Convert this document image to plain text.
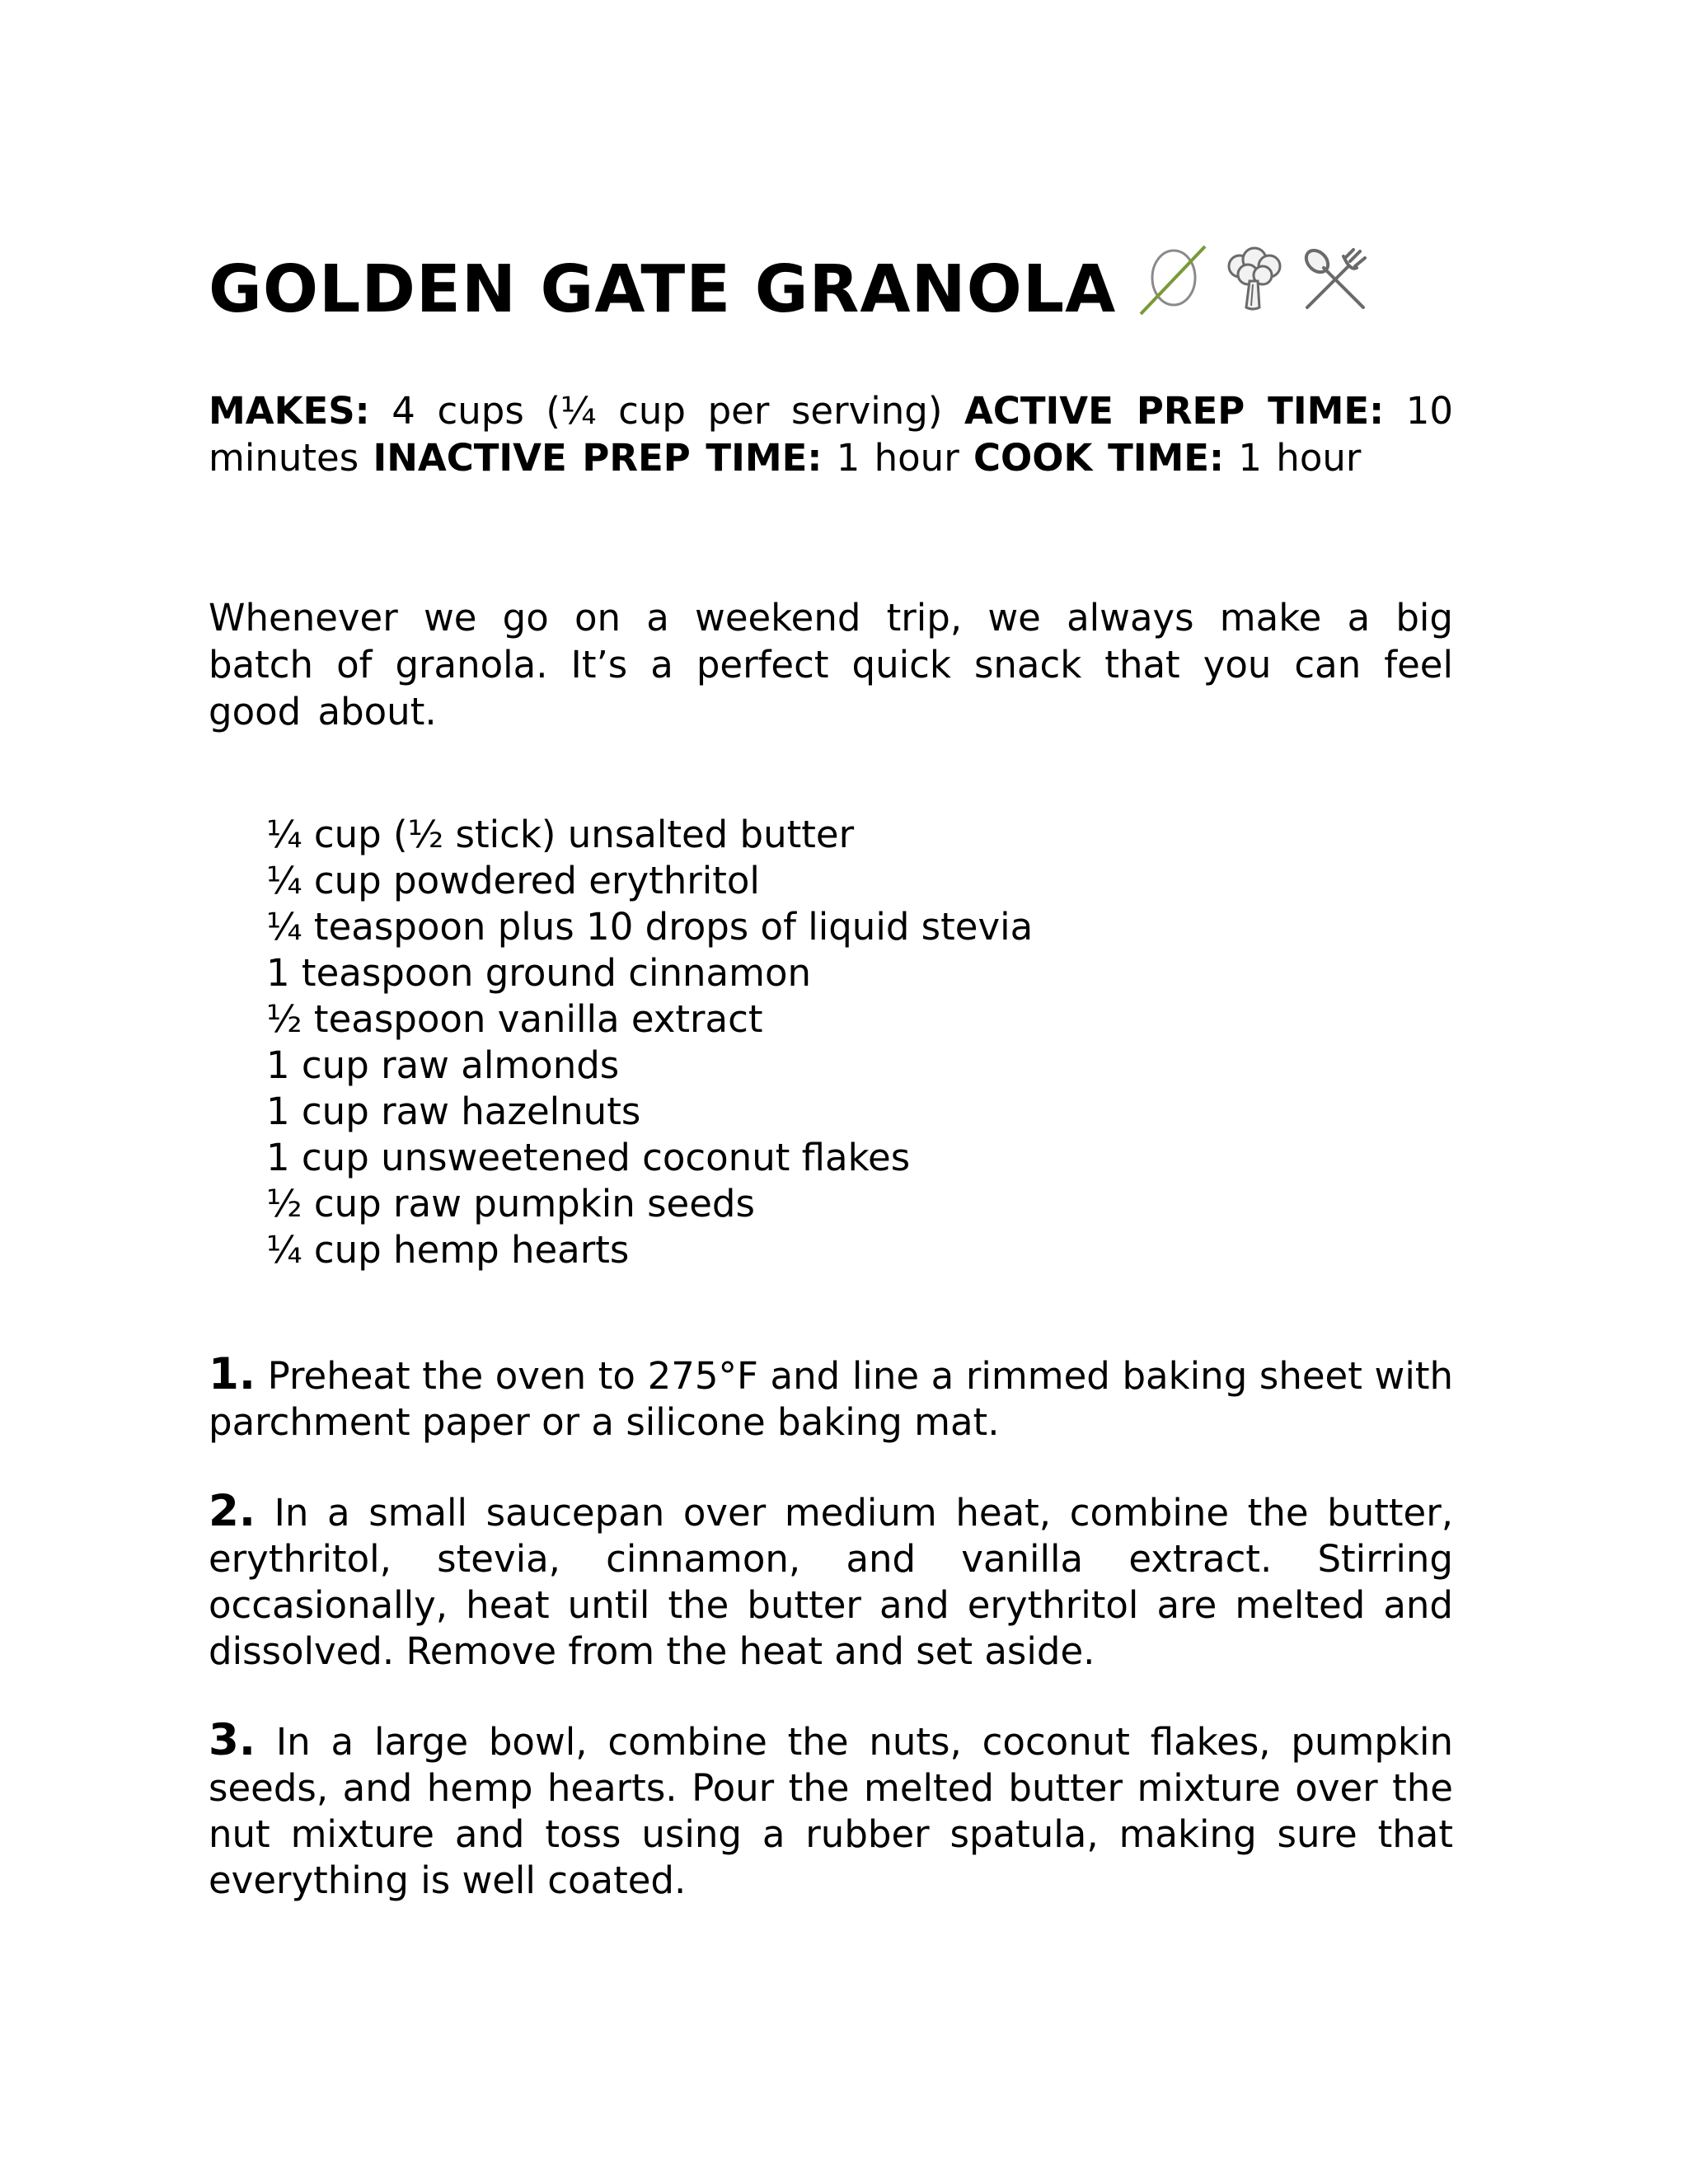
GOLDEN GATE GRANOLA
MAKES: 4 cups (¼ cup per serving) ACTIVE PREP TIME: 10 minutes INACTIVE PREP TIME: 1 hour COOK TIME: 1 hour

Whenever we go on a weekend trip, we always make a big batch of granola. It’s a perfect quick snack that you can feel good about.

¼ cup (½ stick) unsalted butter
¼ cup powdered erythritol
¼ teaspoon plus 10 drops of liquid stevia
1 teaspoon ground cinnamon
½ teaspoon vanilla extract
1 cup raw almonds
1 cup raw hazelnuts
1 cup unsweetened coconut flakes
½ cup raw pumpkin seeds
¼ cup hemp hearts

1. Preheat the oven to 275°F and line a rimmed baking sheet with parchment paper or a silicone baking mat.

2. In a small saucepan over medium heat, combine the butter, erythritol, stevia, cinnamon, and vanilla extract. Stirring occasionally, heat until the butter and erythritol are melted and dissolved. Remove from the heat and set aside.

3. In a large bowl, combine the nuts, coconut flakes, pumpkin seeds, and hemp hearts. Pour the melted butter mixture over the nut mixture and toss using a rubber spatula, making sure that everything is well coated.
